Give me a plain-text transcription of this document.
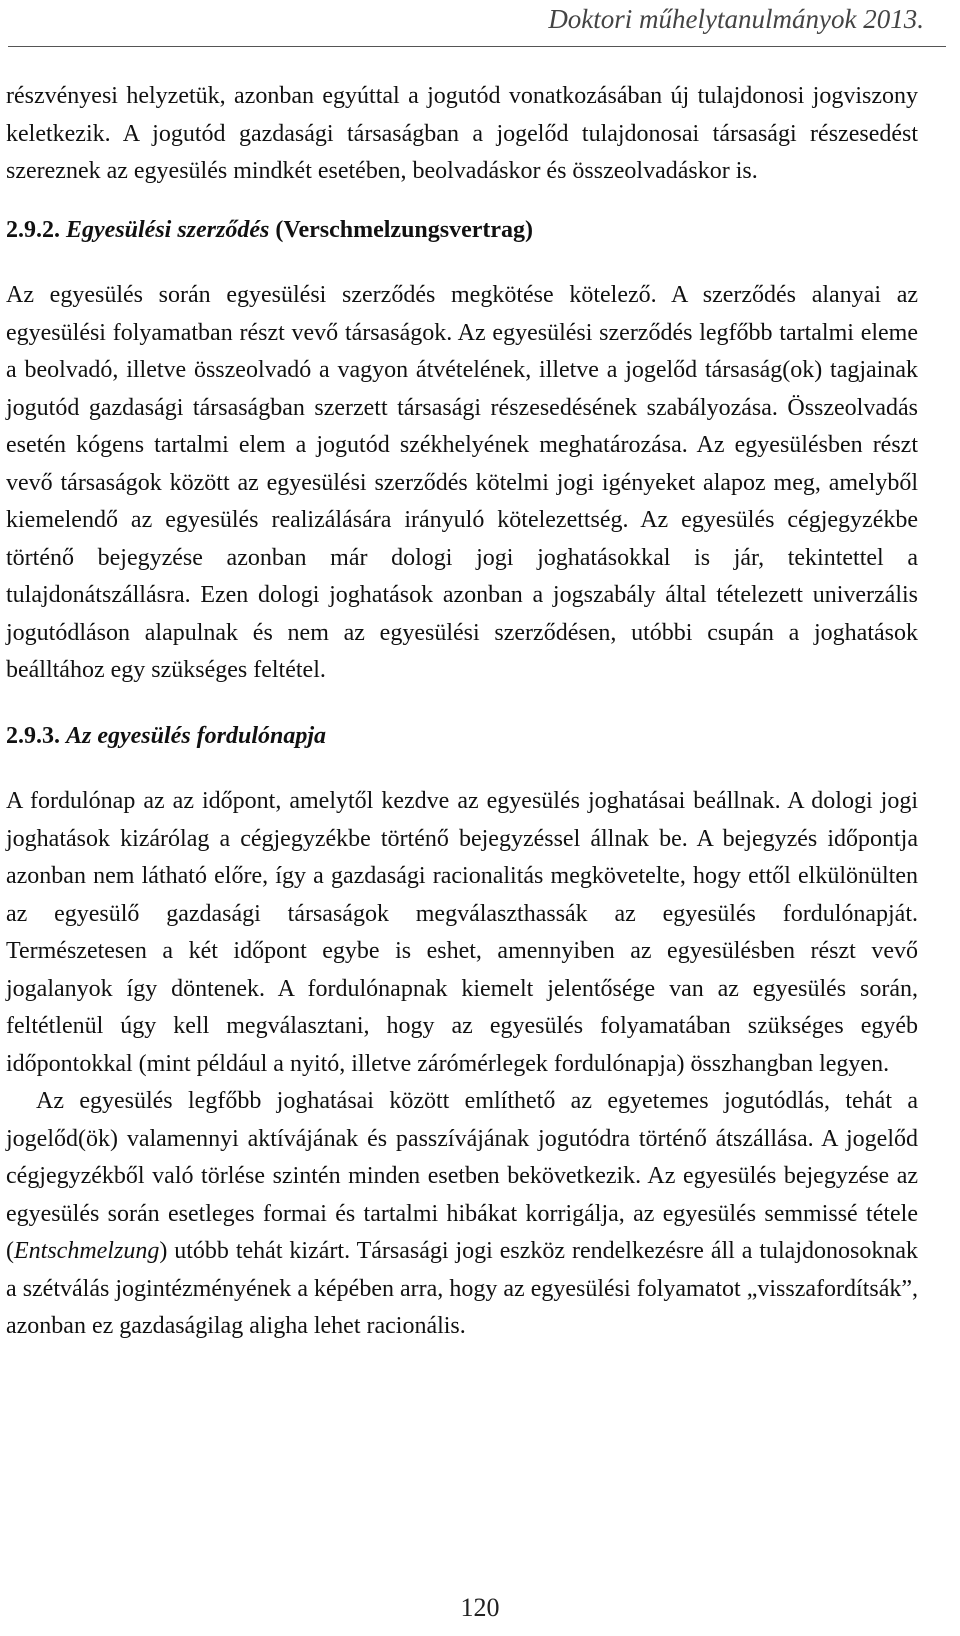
Doktori műhelytanulmányok 2013.

részvényesi helyzetük, azonban egyúttal a jogutód vonatkozásában új tulajdonosi jogviszony keletkezik. A jogutód gazdasági társaságban a jogelőd tulajdonosai társasági részesedést szereznek az egyesülés mindkét esetében, beolvadáskor és összeolvadáskor is.

2.9.2. Egyesülési szerződés (Verschmelzungsvertrag)

Az egyesülés során egyesülési szerződés megkötése kötelező. A szerződés alanyai az egyesülési folyamatban részt vevő társaságok. Az egyesülési szerződés legfőbb tartalmi eleme a beolvadó, illetve összeolvadó a vagyon átvételének, illetve a jogelőd társaság(ok) tagjainak jogutód gazdasági társaságban szerzett társasági részesedésének szabályozása. Összeolvadás esetén kógens tartalmi elem a jogutód székhelyének meghatározása. Az egyesülésben részt vevő társaságok között az egyesülési szerződés kötelmi jogi igényeket alapoz meg, amelyből kiemelendő az egyesülés realizálására irányuló kötelezettség. Az egyesülés cégjegyzékbe történő bejegyzése azonban már dologi jogi joghatásokkal is jár, tekintettel a tulajdonátszállásra. Ezen dologi joghatások azonban a jogszabály által tételezett univerzális jogutódláson alapulnak és nem az egyesülési szerződésen, utóbbi csupán a joghatások beálltához egy szükséges feltétel.

2.9.3. Az egyesülés fordulónapja

A fordulónap az az időpont, amelytől kezdve az egyesülés joghatásai beállnak. A dologi jogi joghatások kizárólag a cégjegyzékbe történő bejegyzéssel állnak be. A bejegyzés időpontja azonban nem látható előre, így a gazdasági racionalitás megkövetelte, hogy ettől elkülönülten az egyesülő gazdasági társaságok megválaszthassák az egyesülés fordulónapját. Természetesen a két időpont egybe is eshet, amennyiben az egyesülésben részt vevő jogalanyok így döntenek. A fordulónapnak kiemelt jelentősége van az egyesülés során, feltétlenül úgy kell megválasztani, hogy az egyesülés folyamatában szükséges egyéb időpontokkal (mint például a nyitó, illetve zárómérlegek fordulónapja) összhangban legyen.

Az egyesülés legfőbb joghatásai között említhető az egyetemes jogutódlás, tehát a jogelőd(ök) valamennyi aktívájának és passzívájának jogutódra történő átszállása. A jogelőd cégjegyzékből való törlése szintén minden esetben bekövetkezik. Az egyesülés bejegyzése az egyesülés során esetleges formai és tartalmi hibákat korrigálja, az egyesülés semmissé tétele (Entschmelzung) utóbb tehát kizárt. Társasági jogi eszköz rendelkezésre áll a tulajdonosoknak a szétválás jogintézményének a képében arra, hogy az egyesülési folyamatot „visszafordítsák”, azonban ez gazdaságilag aligha lehet racionális.

120
